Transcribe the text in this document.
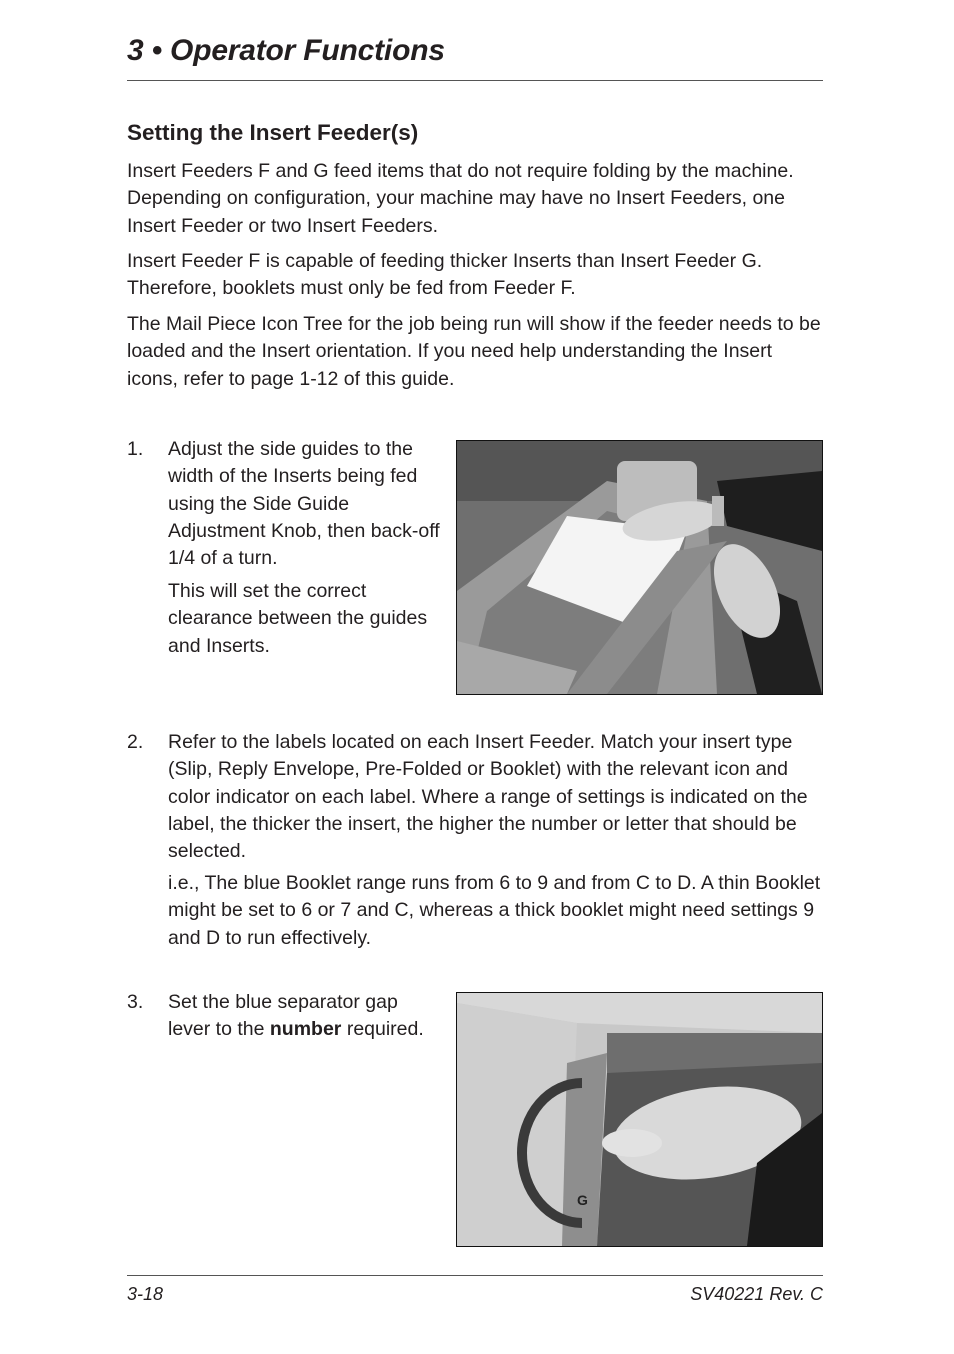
3 • Operator Functions
Setting the Insert Feeder(s)

Insert Feeders F and G feed items that do not require folding by the machine. Depending on configuration, your machine may have no Insert Feeders, one Insert Feeder or two Insert Feeders.

Insert Feeder F is capable of feeding thicker Inserts than Insert Feeder G. Therefore, booklets must only be fed from Feeder F.

The Mail Piece Icon Tree for the job being run will show if the feeder needs to be loaded and the Insert orientation. If you need help understanding the Insert icons, refer to page 1-12 of this guide.

1. Adjust the side guides to the width of the Inserts being fed using the Side Guide Adjustment Knob, then back-off 1/4 of a turn.

This will set the correct clearance between the guides and Inserts.

2. Refer to the labels located on each Insert Feeder. Match your insert type (Slip, Reply Envelope, Pre-Folded or Booklet) with the relevant icon and color indicator on each label. Where a range of settings is indicated on the label, the thicker the insert, the higher the number or letter that should be selected.

i.e., The blue Booklet range runs from 6 to 9 and from C to D. A thin Booklet might be set to 6 or 7 and C, whereas a thick booklet might need settings 9 and D to run effectively.

3. Set the blue separator gap lever to the number required.

G
3-18	SV40221 Rev. C
